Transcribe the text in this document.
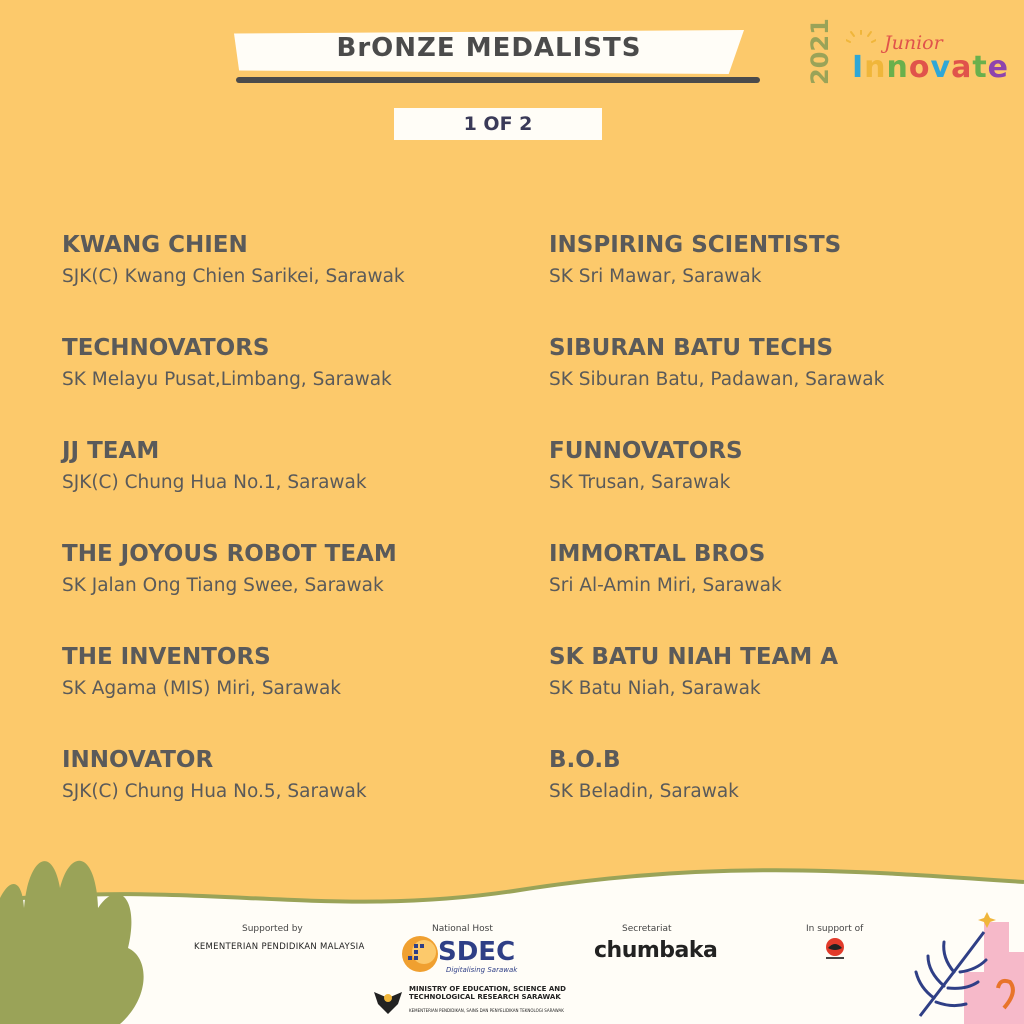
BrONZE MEDALISTS
1 OF 2
2021	Junior
Innovate
KWANG CHIEN
SJK(C) Kwang Chien Sarikei, Sarawak
TECHNOVATORS
SK Melayu Pusat,Limbang, Sarawak
JJ TEAM
SJK(C) Chung Hua No.1, Sarawak
THE JOYOUS ROBOT TEAM
SK Jalan Ong Tiang Swee, Sarawak
THE INVENTORS
SK Agama (MIS) Miri, Sarawak
INNOVATOR
SJK(C) Chung Hua No.5, Sarawak
INSPIRING SCIENTISTS
SK Sri Mawar, Sarawak
SIBURAN BATU TECHS
SK Siburan Batu, Padawan, Sarawak
FUNNOVATORS
SK Trusan, Sarawak
IMMORTAL BROS
Sri Al-Amin Miri, Sarawak
SK BATU NIAH TEAM A
SK Batu Niah, Sarawak
B.O.B
SK Beladin, Sarawak
Supported by
KEMENTERIAN PENDIDIKAN MALAYSIA
National Host
SDEC
Digitalising Sarawak
MINISTRY OF EDUCATION, SCIENCE AND
TECHNOLOGICAL RESEARCH SARAWAK
KEMENTERIAN PENDIDIKAN, SAINS DAN PENYELIDIKAN TEKNOLOGI SARAWAK
Secretariat
chumbaka
In support of
